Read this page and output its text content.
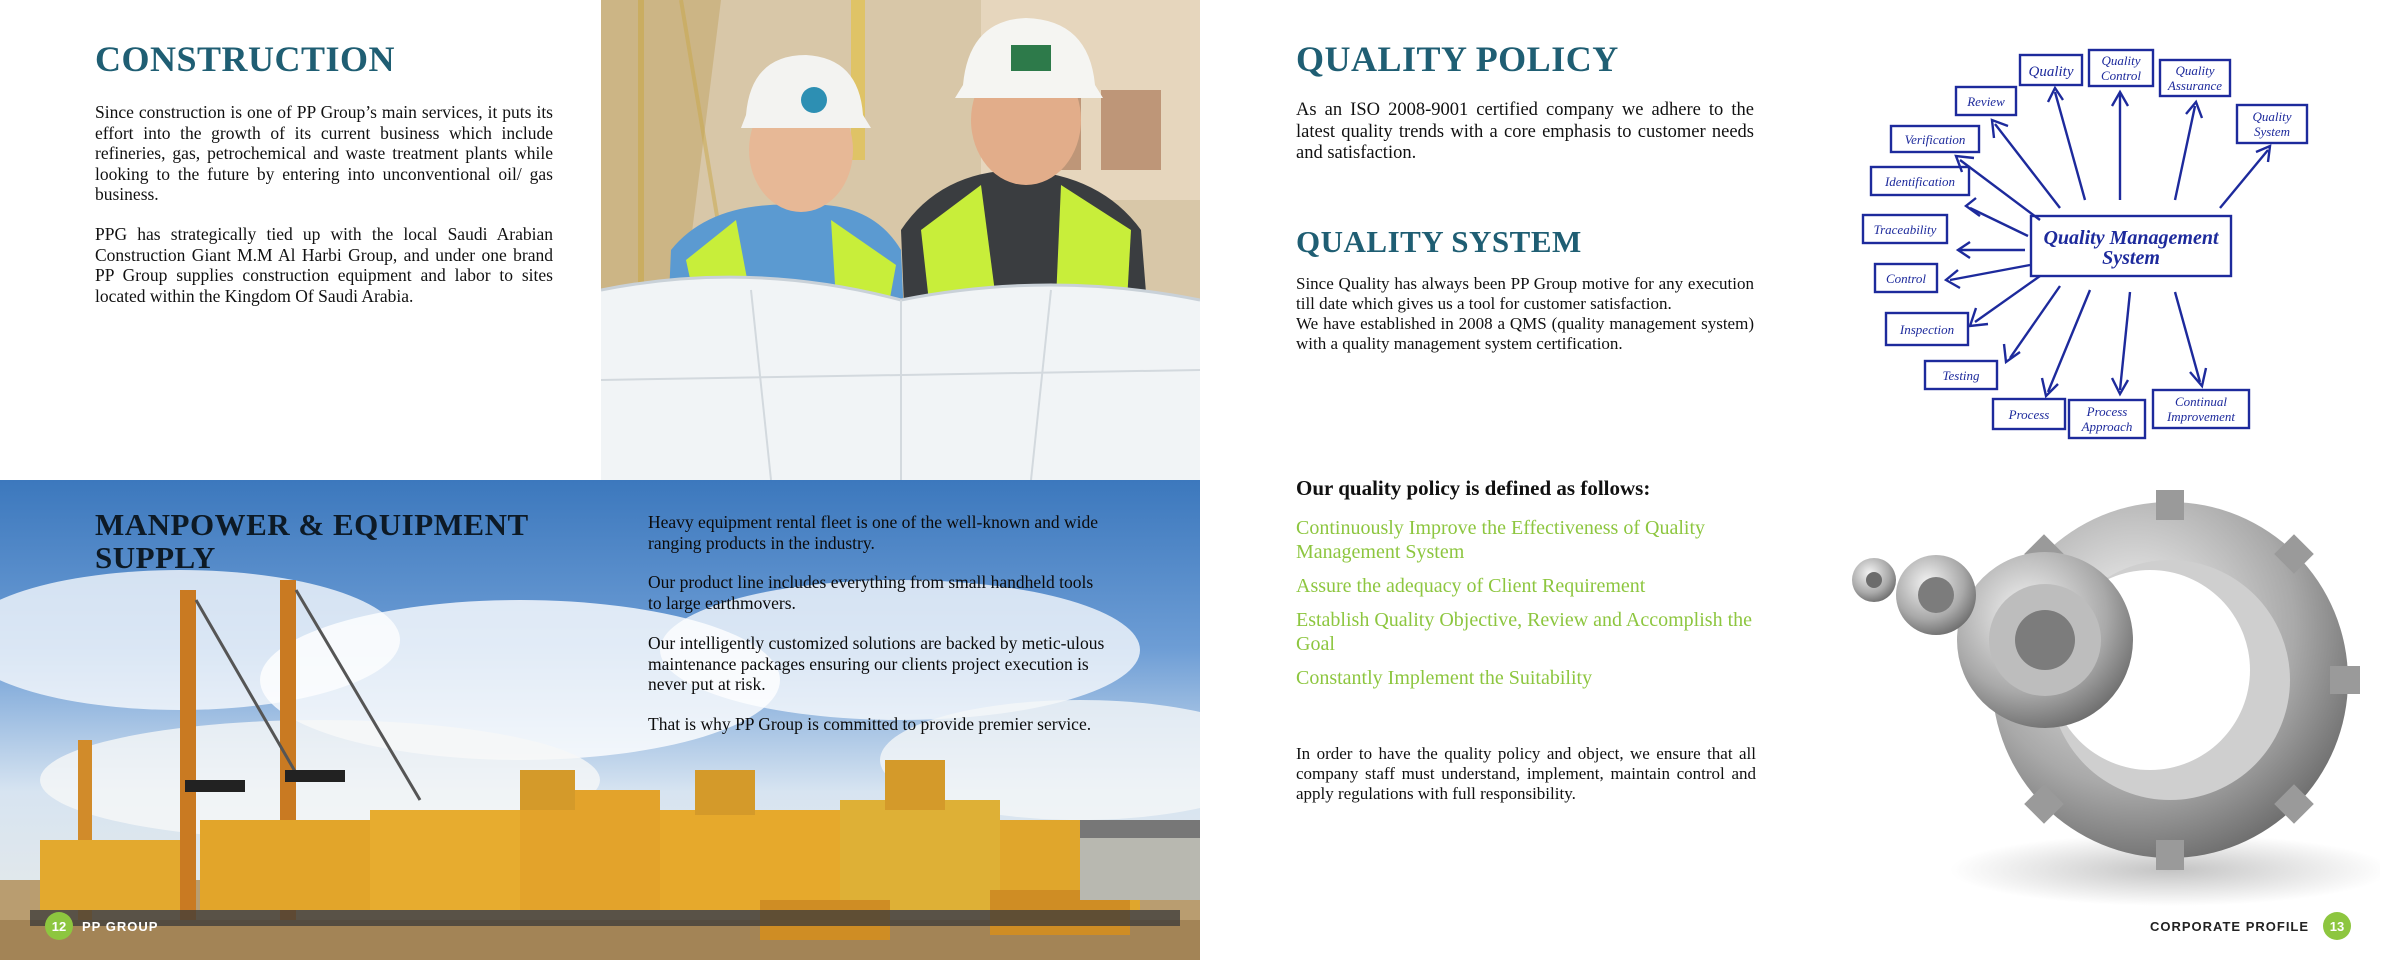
CONSTRUCTION

Since construction is one of PP Group’s main services, it puts its effort into the growth of its current business which include refineries, gas, petrochemical and waste treatment plants while looking to the future by entering into unconventional oil/ gas business.

PPG has strategically tied up with the local Saudi Arabian Construction Giant M.M Al Harbi Group, and under one brand PP Group supplies construction equipment and labor to sites located within the Kingdom Of Saudi Arabia.

MANPOWER & EQUIPMENT
SUPPLY

Heavy equipment rental fleet is one of the well-known and wide ranging products in the industry.

Our product line includes everything from small handheld tools to large earthmovers.

Our intelligently customized solutions are backed by metic-ulous maintenance packages ensuring our clients project execution is never put at risk.

That is why PP Group is committed to provide premier service.

12	PP GROUP
QUALITY POLICY

As an ISO 2008-9001 certified company we adhere to the latest quality trends with a core emphasis to customer needs and satisfaction.

QUALITY SYSTEM
Since Quality has always been PP Group motive for any execution till date which gives us a tool for customer satisfaction.
We have established in 2008 a QMS (quality management system) with a quality management system certification.
Quality Management
System
Quality
Quality
Control	Quality
Assurance
Quality
System
Review
Verification
Identification
Traceability
Control
Inspection
Testing
Process	Process
Approach
Continual
Improvement
Our quality policy is defined as follows:
Continuously Improve the Effectiveness of Quality Management System
Assure the adequacy of Client Requirement
Establish Quality Objective, Review and Accomplish the Goal
Constantly Implement the Suitability

In order to have the quality policy and object, we ensure that all company staff must understand, implement, maintain control and apply regulations with full responsibility.

CORPORATE PROFILE	13
